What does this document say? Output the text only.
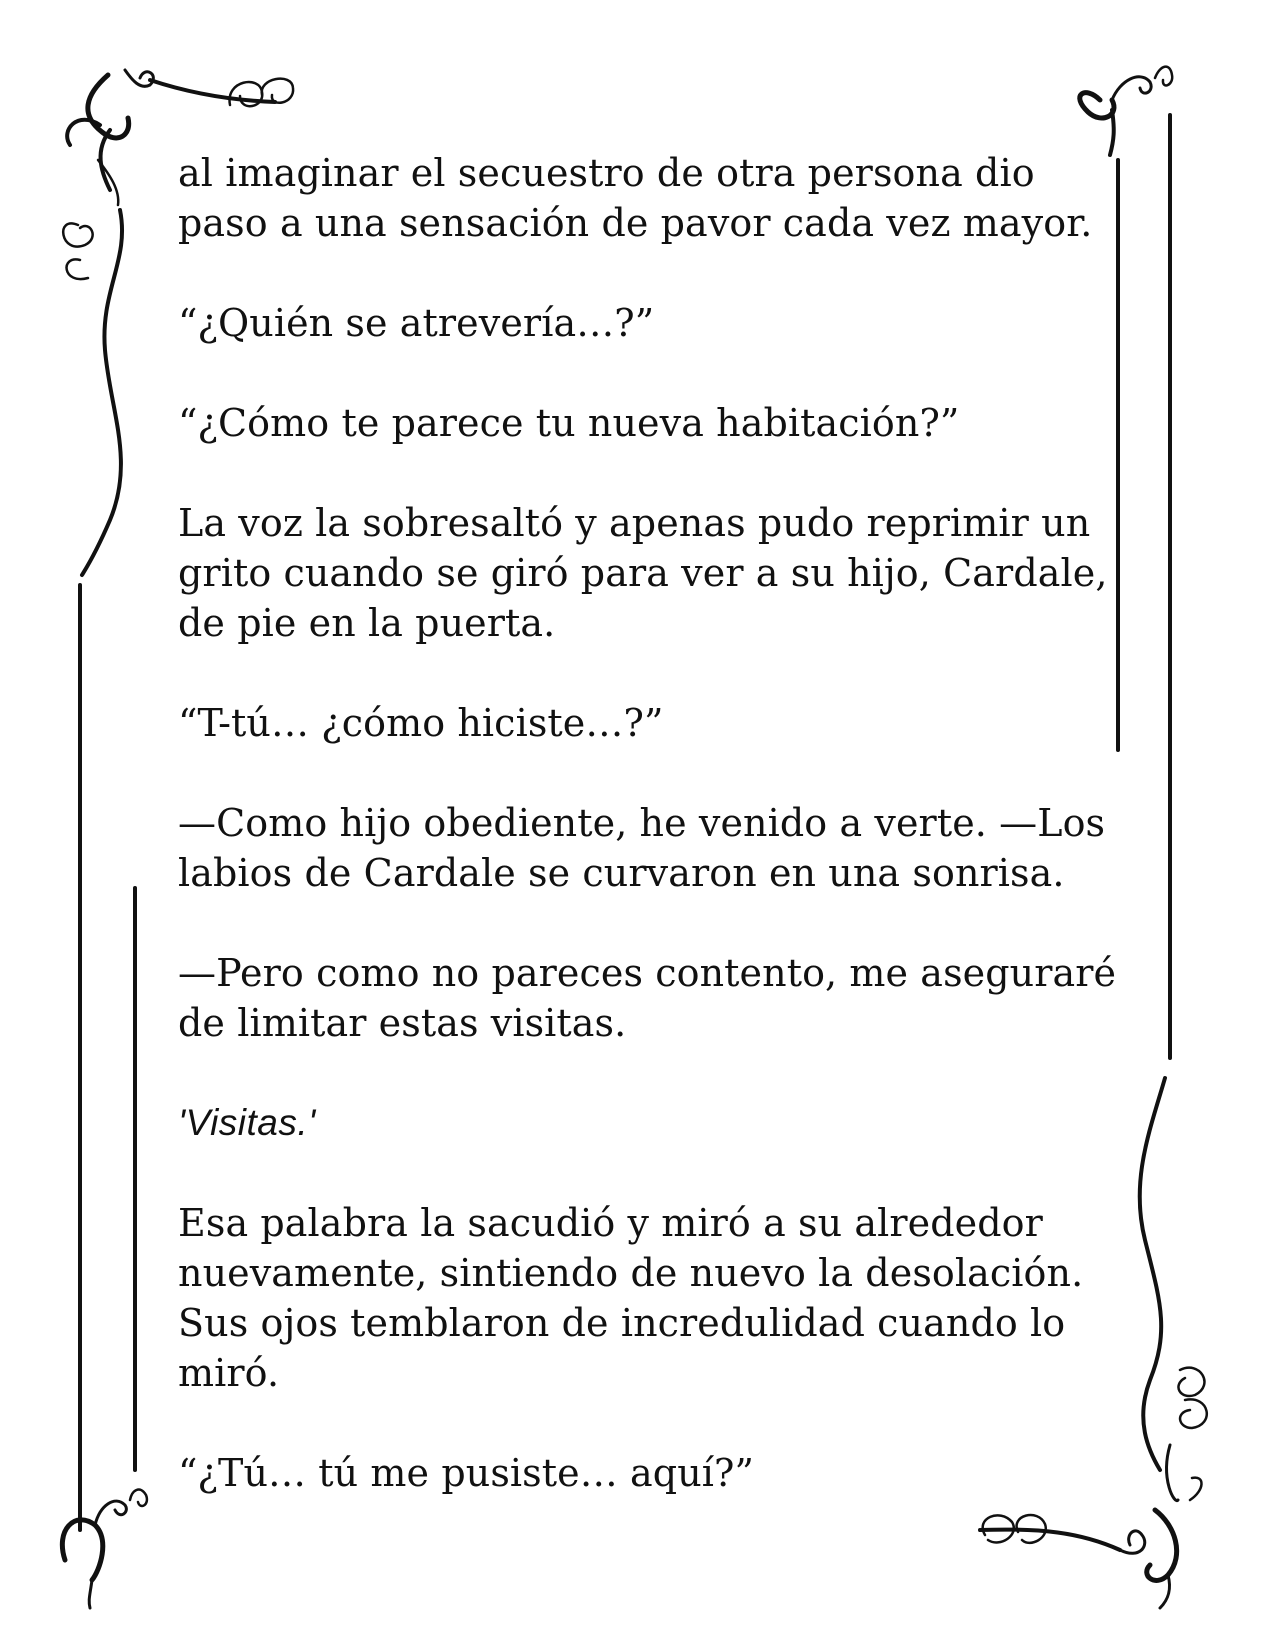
al imaginar el secuestro de otra persona dio
paso a una sensación de pavor cada vez mayor.

“¿Quién se atrevería…?”

“¿Cómo te parece tu nueva habitación?”

La voz la sobresaltó y apenas pudo reprimir un
grito cuando se giró para ver a su hijo, Cardale,
de pie en la puerta.

“T-tú… ¿cómo hiciste…?”

—Como hijo obediente, he venido a verte. —Los
labios de Cardale se curvaron en una sonrisa.

—Pero como no pareces contento, me aseguraré
de limitar estas visitas.

'Visitas.'

Esa palabra la sacudió y miró a su alrededor
nuevamente, sintiendo de nuevo la desolación.
Sus ojos temblaron de incredulidad cuando lo
miró.

“¿Tú… tú me pusiste… aquí?”
